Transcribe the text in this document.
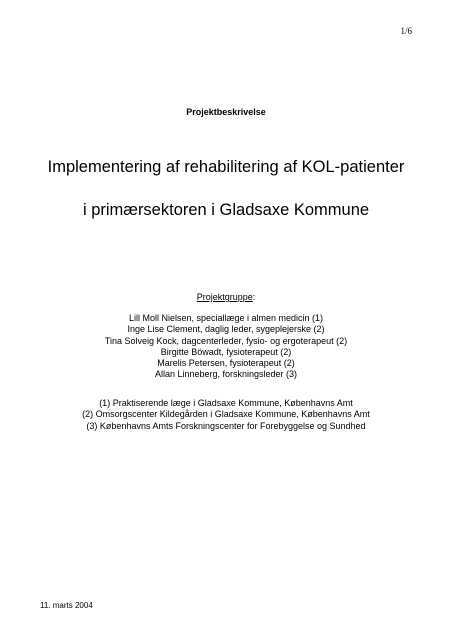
1/6
Projektbeskrivelse
Implementering af rehabilitering af KOL-patienter
i primærsektoren i Gladsaxe Kommune
Projektgruppe:
Lill Moll Nielsen, speciallæge i almen medicin (1)
Inge Lise Clement, daglig leder, sygeplejerske (2)
Tina Solveig Kock, dagcenterleder, fysio- og ergoterapeut (2)
Birgitte Böwadt, fysioterapeut (2)
Marelis Petersen, fysioterapeut (2)
Allan Linneberg, forskningsleder (3)
(1) Praktiserende læge i Gladsaxe Kommune, Københavns Amt
(2) Omsorgscenter Kildegården i Gladsaxe Kommune, Københavns Amt
(3) Københavns Amts Forskningscenter for Forebyggelse og Sundhed
11. marts 2004
